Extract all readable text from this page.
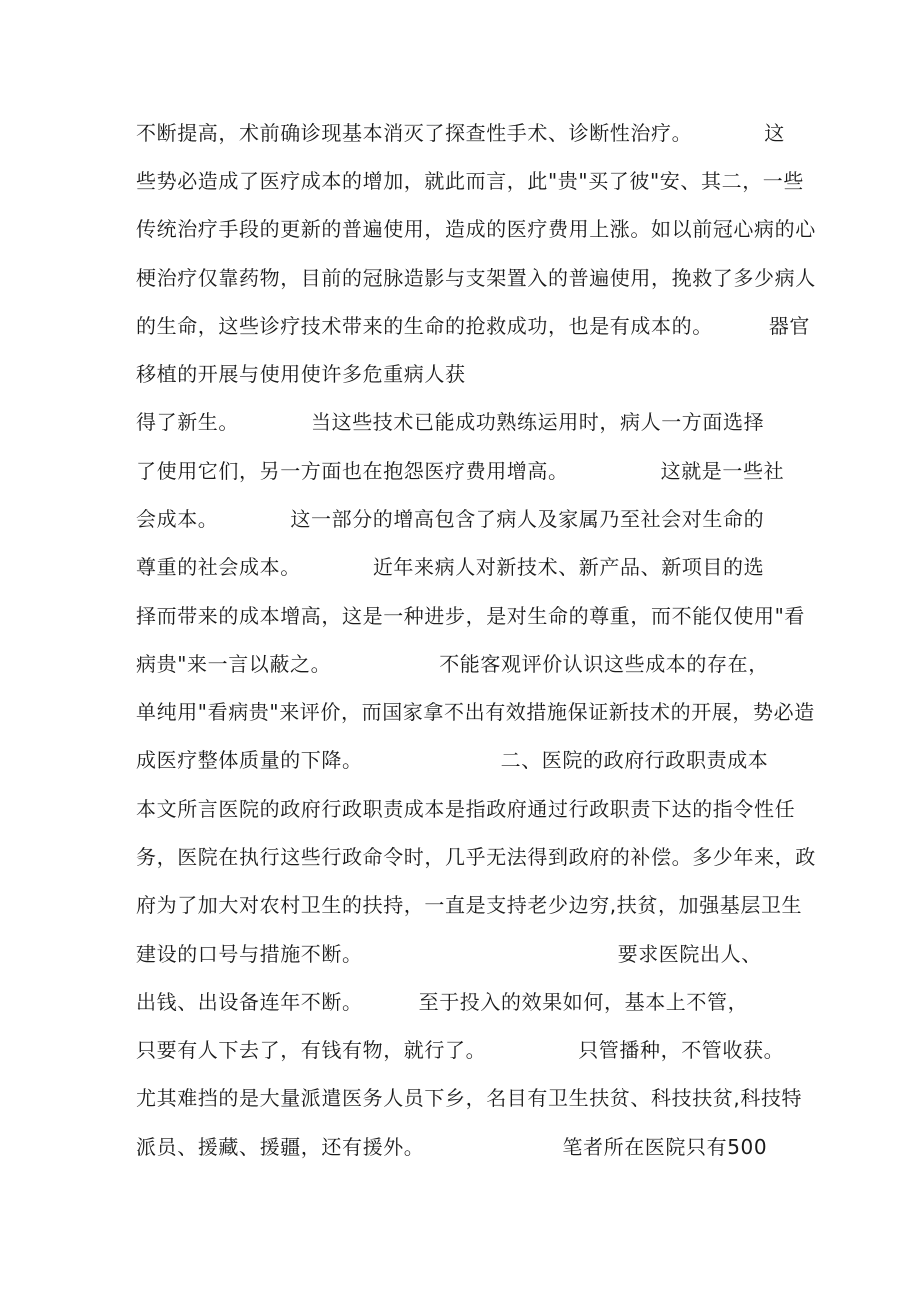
不断提高，术前确诊现基本消灭了探查性手术、诊断性治疗。	这
些势必造成了医疗成本的增加，就此而言，此"贵"买了彼"安、其二，一些
传统治疗手段的更新的普遍使用，造成的医疗费用上涨。如以前冠心病的心
梗治疗仅靠药物，目前的冠脉造影与支架置入的普遍使用，挽救了多少病人
的生命，这些诊疗技术带来的生命的抢救成功，也是有成本的。	器官
移植的开展与使用使许多危重病人获
得了新生。	当这些技术已能成功熟练运用时，病人一方面选择
了使用它们，另一方面也在抱怨医疗费用增高。	这就是一些社
会成本。	这一部分的增高包含了病人及家属乃至社会对生命的
尊重的社会成本。	近年来病人对新技术、新产品、新项目的选
择而带来的成本增高，这是一种进步，是对生命的尊重，而不能仅使用"看
病贵"来一言以蔽之。	不能客观评价认识这些成本的存在，
单纯用"看病贵"来评价，而国家拿不出有效措施保证新技术的开展，势必造
成医疗整体质量的下降。	二、医院的政府行政职责成本
本文所言医院的政府行政职责成本是指政府通过行政职责下达的指令性任
务，医院在执行这些行政命令时，几乎无法得到政府的补偿。多少年来，政
府为了加大对农村卫生的扶持，一直是支持老少边穷,扶贫，加强基层卫生
建设的口号与措施不断。	要求医院出人、
出钱、出设备连年不断。	至于投入的效果如何，基本上不管，
只要有人下去了，有钱有物，就行了。	只管播种，不管收获。
尤其难挡的是大量派遣医务人员下乡，名目有卫生扶贫、科技扶贫,科技特
派员、援藏、援疆，还有援外。	笔者所在医院只有500
